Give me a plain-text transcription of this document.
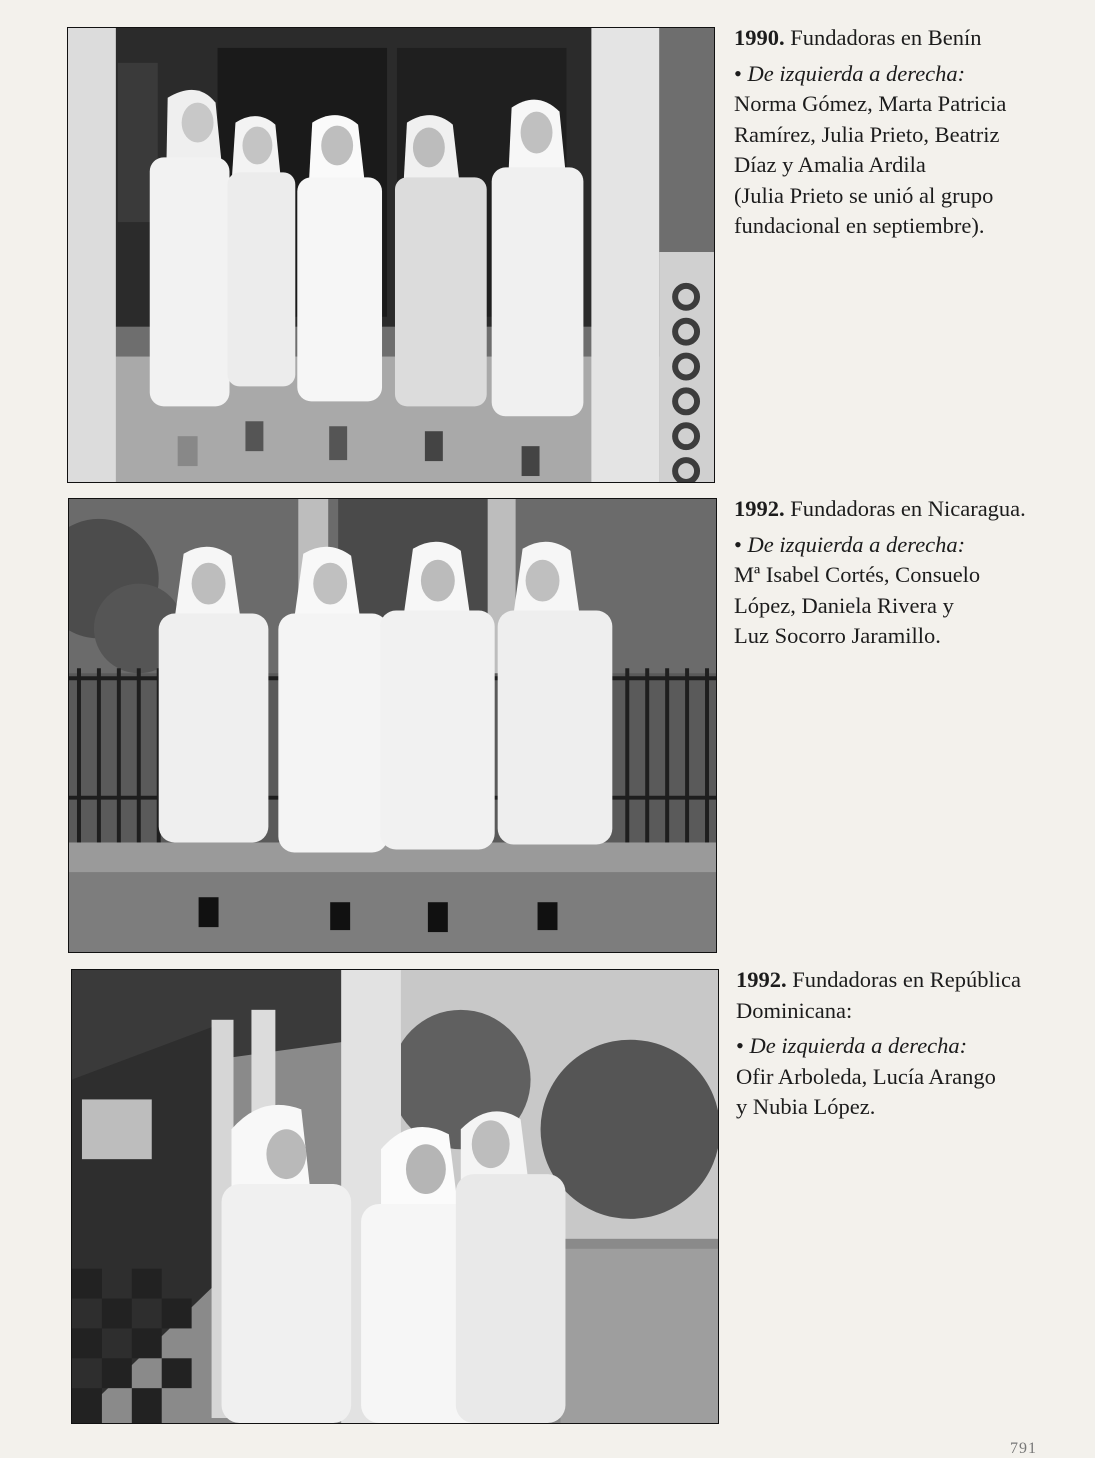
1990. Fundadoras en Benín

• De izquierda a derecha:

Norma Gómez, Marta Patricia

Ramírez, Julia Prieto, Beatriz

Díaz y Amalia Ardila

(Julia Prieto se unió al grupo

fundacional en septiembre).

1992. Fundadoras en Nicaragua.

• De izquierda a derecha:

Mª Isabel Cortés, Consuelo

López, Daniela Rivera y

Luz Socorro Jaramillo.

1992. Fundadoras en República

Dominicana:

• De izquierda a derecha:

Ofir Arboleda, Lucía Arango

y Nubia López.

791
